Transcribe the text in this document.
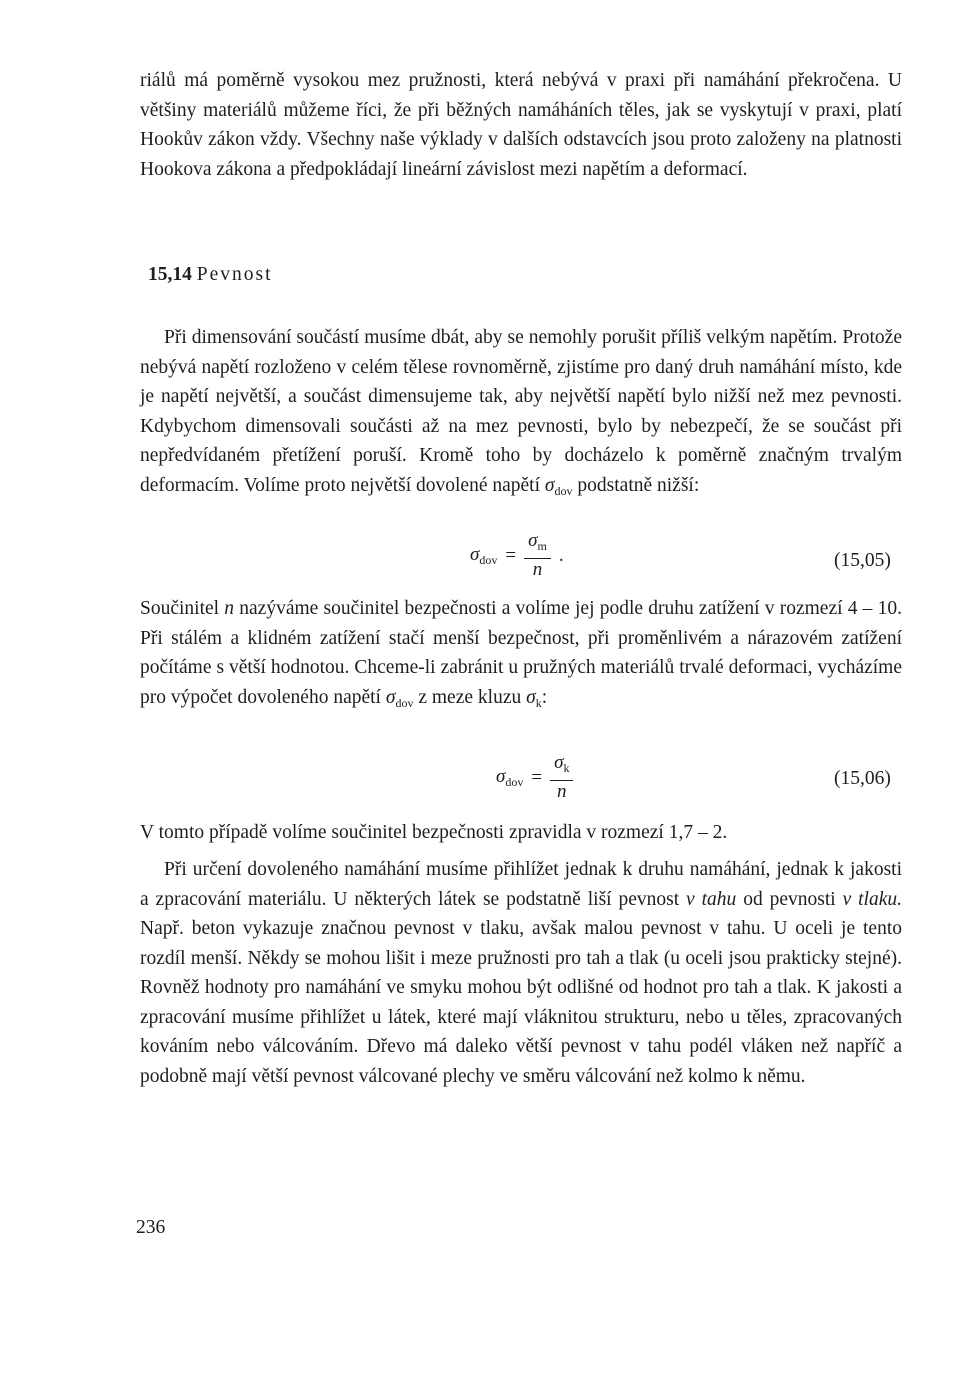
riálů má poměrně vysokou mez pružnosti, která nebývá v praxi při namáhání překročena. U většiny materiálů můžeme říci, že při běžných namáháních těles, jak se vyskytují v praxi, platí Hookův zákon vždy. Všechny naše výklady v dalších odstavcích jsou proto založeny na platnosti Hookova zákona a předpokládají lineární závislost mezi napětím a deformací.

15,14 Pevnost

Při dimensování součástí musíme dbát, aby se nemohly porušit příliš velkým napětím. Protože nebývá napětí rozloženo v celém tělese rovnoměrně, zjistíme pro daný druh namáhání místo, kde je napětí největší, a součást dimensujeme tak, aby největší napětí bylo nižší než mez pevnosti. Kdybychom dimensovali součásti až na mez pevnosti, bylo by nebezpečí, že se součást při nepředvídaném přetížení poruší. Kromě toho by docházelo k poměrně značným trvalým deformacím. Volíme proto největší dovolené napětí $\sigma_{dov}$ podstatně nižší:

$\sigma_{dov} = \frac{\sigma_m}{n}$ .	(15,05)

Součinitel n nazýváme součinitel bezpečnosti a volíme jej podle druhu zatížení v rozmezí 4 – 10. Při stálém a klidném zatížení stačí menší bezpečnost, při proměnlivém a nárazovém zatížení počítáme s větší hodnotou. Chceme-li zabránit u pružných materiálů trvalé deformaci, vycházíme pro výpočet dovoleného napětí $\sigma_{dov}$ z meze kluzu $\sigma_k$:

$\sigma_{dov} = \frac{\sigma_k}{n}$	(15,06)

V tomto případě volíme součinitel bezpečnosti zpravidla v rozmezí 1,7 – 2.

Při určení dovoleného namáhání musíme přihlížet jednak k druhu namáhání, jednak k jakosti a zpracování materiálu. U některých látek se podstatně liší pevnost v tahu od pevnosti v tlaku. Např. beton vykazuje značnou pevnost v tlaku, avšak malou pevnost v tahu. U oceli je tento rozdíl menší. Někdy se mohou lišit i meze pružnosti pro tah a tlak (u oceli jsou prakticky stejné). Rovněž hodnoty pro namáhání ve smyku mohou být odlišné od hodnot pro tah a tlak. K jakosti a zpracování musíme přihlížet u látek, které mají vláknitou strukturu, nebo u těles, zpracovaných kováním nebo válcováním. Dřevo má daleko větší pevnost v tahu podél vláken než napříč a podobně mají větší pevnost válcované plechy ve směru válcování než kolmo k němu.

236
